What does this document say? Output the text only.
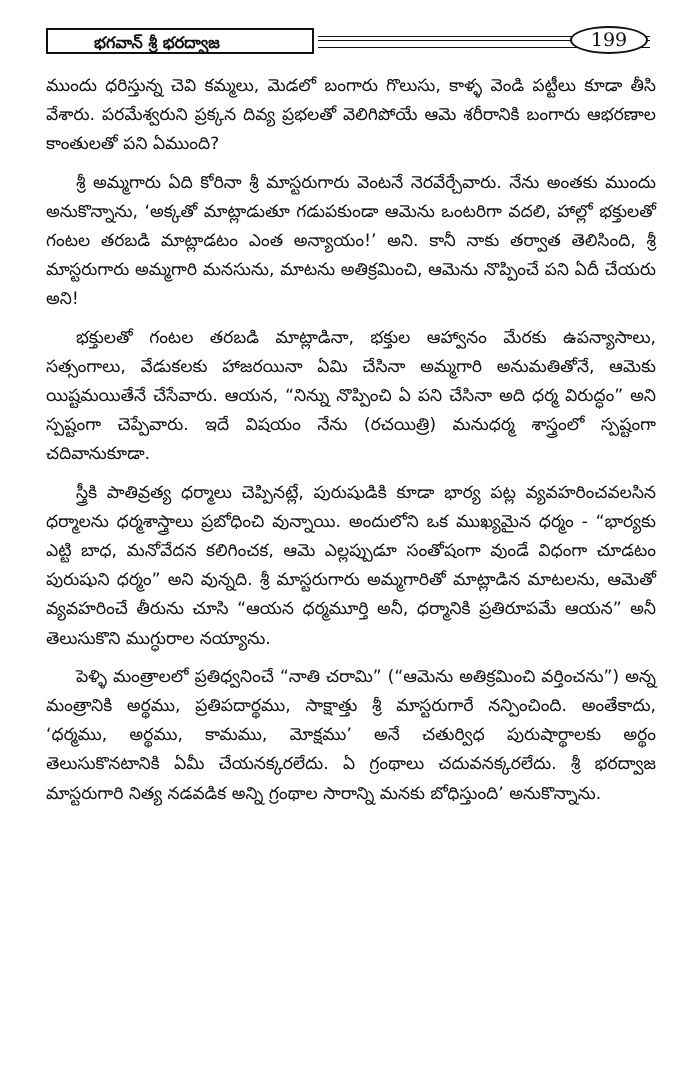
భగవాన్ శ్రీ భరద్వాజ	199

ముందు ధరిస్తున్న చెవి కమ్మలు, మెడలో బంగారు గొలుసు, కాళ్ళ వెండి పట్టీలు కూడా తీసి వేశారు. పరమేశ్వరుని ప్రక్కన దివ్య ప్రభలతో వెలిగిపోయే ఆమె శరీరానికి బంగారు ఆభరణాల కాంతులతో పని ఏముంది?

శ్రీ అమ్మగారు ఏది కోరినా శ్రీ మాస్టరుగారు వెంటనే నెరవేర్చేవారు. నేను అంతకు ముందు అనుకొన్నాను, ‘అక్కతో మాట్లాడుతూ గడుపకుండా ఆమెను ఒంటరిగా వదలి, హాల్లో భక్తులతో గంటల తరబడి మాట్లాడటం ఎంత అన్యాయం!’ అని. కానీ నాకు తర్వాత తెలిసింది, శ్రీ మాస్టరుగారు అమ్మగారి మనసును, మాటను అతిక్రమించి, ఆమెను నొప్పించే పని ఏదీ చేయరు అని!

భక్తులతో గంటల తరబడి మాట్లాడినా, భక్తుల ఆహ్వానం మేరకు ఉపన్యాసాలు, సత్సంగాలు, వేడుకలకు హాజరయినా ఏమి చేసినా అమ్మగారి అనుమతితోనే, ఆమెకు యిష్టమయితేనే చేసేవారు. ఆయన, “నిన్ను నొప్పించి ఏ పని చేసినా అది ధర్మ విరుద్ధం” అని స్పష్టంగా చెప్పేవారు. ఇదే విషయం నేను (రచయిత్రి) మనుధర్మ శాస్త్రంలో స్పష్టంగా చదివానుకూడా.

స్త్రీకి పాతివ్రత్య ధర్మాలు చెప్పినట్లే, పురుషుడికి కూడా భార్య పట్ల వ్యవహరించవలసిన ధర్మాలను ధర్మశాస్త్రాలు ప్రబోధించి వున్నాయి. అందులోని ఒక ముఖ్యమైన ధర్మం - “భార్యకు ఎట్టి బాధ, మనోవేదన కలిగించక, ఆమె ఎల్లప్పుడూ సంతోషంగా వుండే విధంగా చూడటం పురుషుని ధర్మం” అని వున్నది. శ్రీ మాస్టరుగారు అమ్మగారితో మాట్లాడిన మాటలను, ఆమెతో వ్యవహరించే తీరును చూసి “ఆయన ధర్మమూర్తి అనీ, ధర్మానికి ప్రతిరూపమే ఆయన” అనీ తెలుసుకొని ముగ్ధురాల నయ్యాను.

పెళ్ళి మంత్రాలలో ప్రతిధ్వనించే “నాతి చరామి” (“ఆమెను అతిక్రమించి వర్తించను”) అన్న మంత్రానికి అర్థము, ప్రతిపదార్థము, సాక్షాత్తు శ్రీ మాస్టరుగారే నన్పించింది. అంతేకాదు, ‘ధర్మము, అర్థము, కామము, మోక్షము’ అనే చతుర్విధ పురుషార్థాలకు అర్థం తెలుసుకొనటానికి ఏమీ చేయనక్కరలేదు. ఏ గ్రంథాలు చదువనక్కరలేదు. శ్రీ భరద్వాజ మాస్టరుగారి నిత్య నడవడిక అన్ని గ్రంథాల సారాన్ని మనకు బోధిస్తుంది’ అనుకొన్నాను.
